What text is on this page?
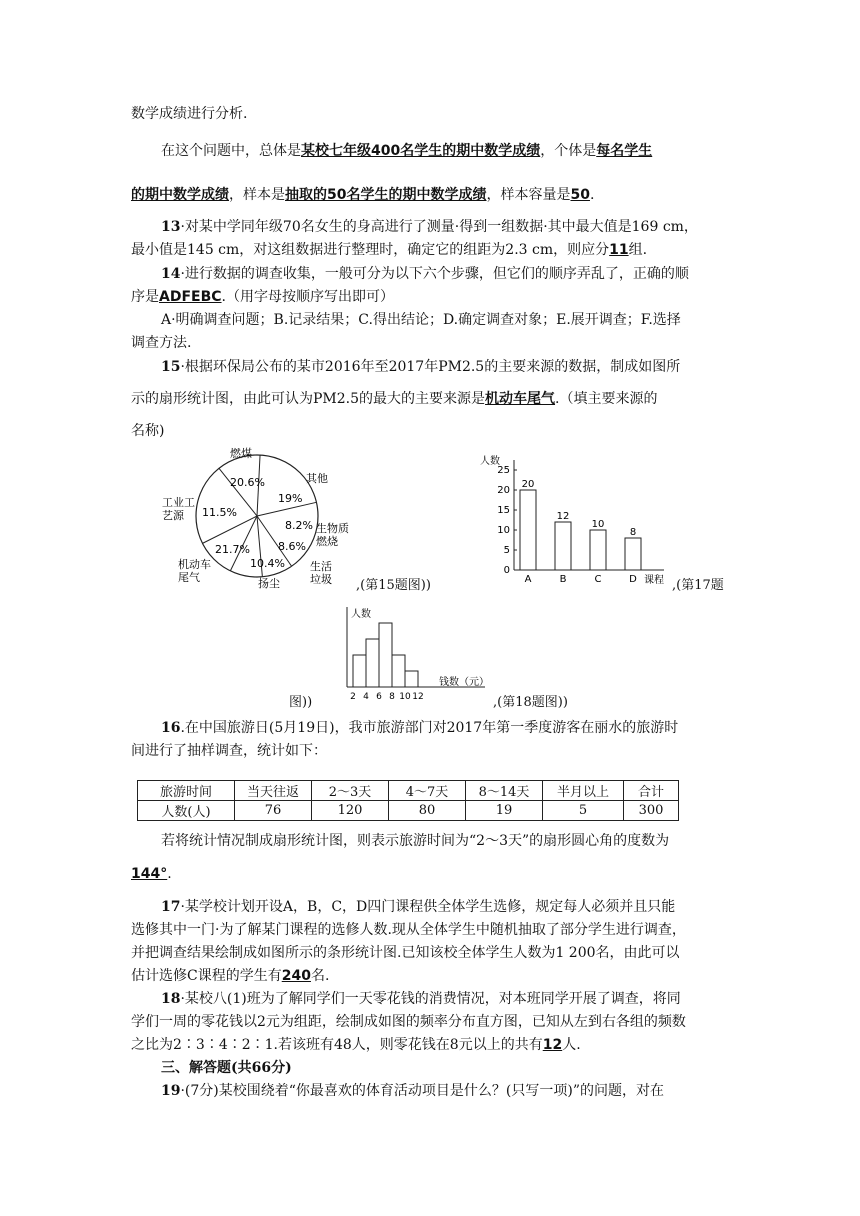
数学成绩进行分析.
在这个问题中，总体是某校七年级400名学生的期中数学成绩，个体是每名学生
的期中数学成绩，样本是抽取的50名学生的期中数学成绩，样本容量是50.
13·对某中学同年级70名女生的身高进行了测量·得到一组数据·其中最大值是169 cm，
最小值是145 cm，对这组数据进行整理时，确定它的组距为2.3 cm，则应分11组.
14·进行数据的调查收集，一般可分为以下六个步骤，但它们的顺序弄乱了，正确的顺
序是ADFEBC.（用字母按顺序写出即可）
A·明确调查问题；B.记录结果；C.得出结论；D.确定调查对象；E.展开调查；F.选择
调查方法.
15·根据环保局公布的某市2016年至2017年PM2.5的主要来源的数据，制成如图所
示的扇形统计图，由此可认为PM2.5的最大的主要来源是机动车尾气.（填主要来源的
名称)
燃煤
其他
工业工艺源
生物质燃烧
机动车尾气	扬尘
生活垃圾
20.6%
19%
11.5%
8.2%
8.6%
10.4%
21.7%
,(第15题图))
人数
课程
0
5
10
15
20
25
20
A
12
B
10
C
8
D	,(第17题
人数
钱数（元）
2 4 6 8 10 12
图))	,(第18题图))
16.在中国旅游日(5月19日)，我市旅游部门对2017年第一季度游客在丽水的旅游时
间进行了抽样调查，统计如下：
旅游时间	当天往返	2～3天	4～7天	8～14天	半月以上	合计
人数(人)	76	120	80	19	5	300
若将统计情况制成扇形统计图，则表示旅游时间为“2～3天”的扇形圆心角的度数为
144°.
17·某学校计划开设A，B，C，D四门课程供全体学生选修，规定每人必须并且只能
选修其中一门·为了解某门课程的选修人数.现从全体学生中随机抽取了部分学生进行调查，
并把调查结果绘制成如图所示的条形统计图.已知该校全体学生人数为1 200名，由此可以
估计选修C课程的学生有240名.
18·某校八(1)班为了解同学们一天零花钱的消费情况，对本班同学开展了调查，将同
学们一周的零花钱以2元为组距，绘制成如图的频率分布直方图，已知从左到右各组的频数
之比为2∶3∶4∶2∶1.若该班有48人，则零花钱在8元以上的共有12人.
三、解答题(共66分)
19·(7分)某校围绕着“你最喜欢的体育活动项目是什么？(只写一项)”的问题，对在
